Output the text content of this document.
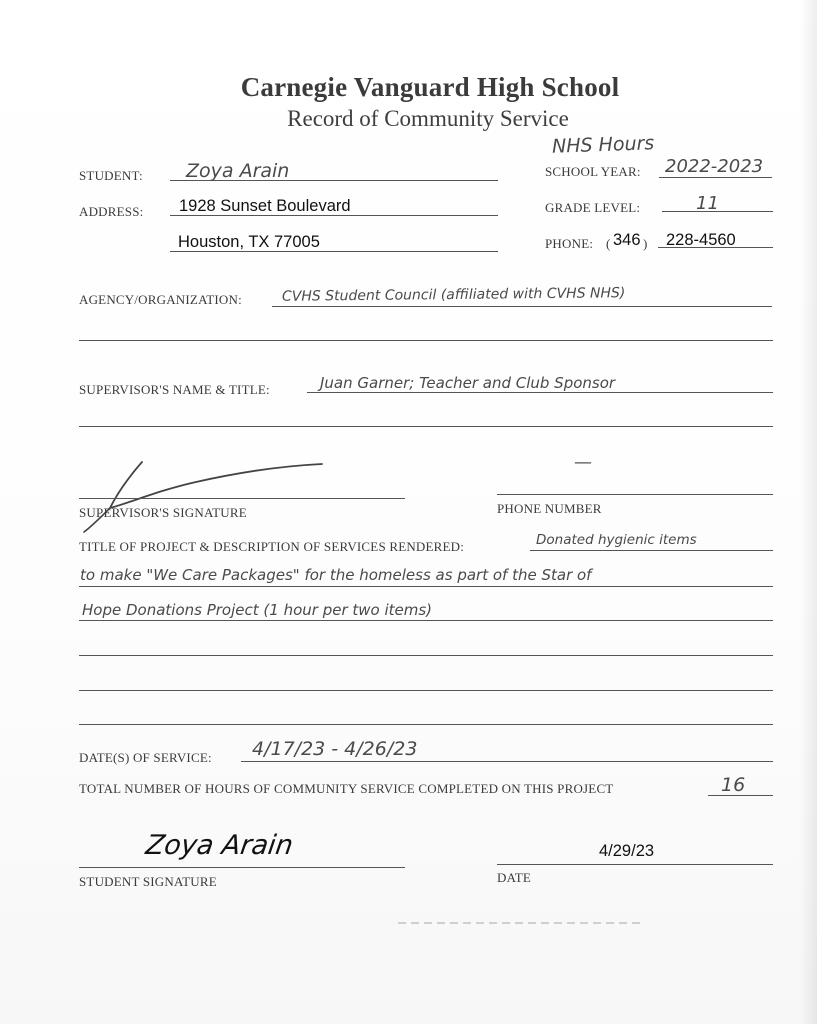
Carnegie Vanguard High School
Record of Community Service
NHS Hours
STUDENT: Zoya Arain	SCHOOL YEAR: 2022-2023
ADDRESS: 1928 Sunset Boulevard
Houston, TX 77005
GRADE LEVEL:	11
PHONE: ( 346 ) 228-4560
AGENCY/ORGANIZATION:	CVHS Student Council (affiliated with CVHS NHS)
SUPERVISOR'S NAME & TITLE:	Juan Garner; Teacher and Club Sponsor
SUPERVISOR'S SIGNATURE
—
PHONE NUMBER
TITLE OF PROJECT & DESCRIPTION OF SERVICES RENDERED:	Donated hygienic items
to make "We Care Packages" for the homeless as part of the Star of
Hope Donations Project (1 hour per two items)
DATE(S) OF SERVICE: 4/17/23 - 4/26/23
TOTAL NUMBER OF HOURS OF COMMUNITY SERVICE COMPLETED ON THIS PROJECT	16
Zoya Arain
STUDENT SIGNATURE
4/29/23
DATE
